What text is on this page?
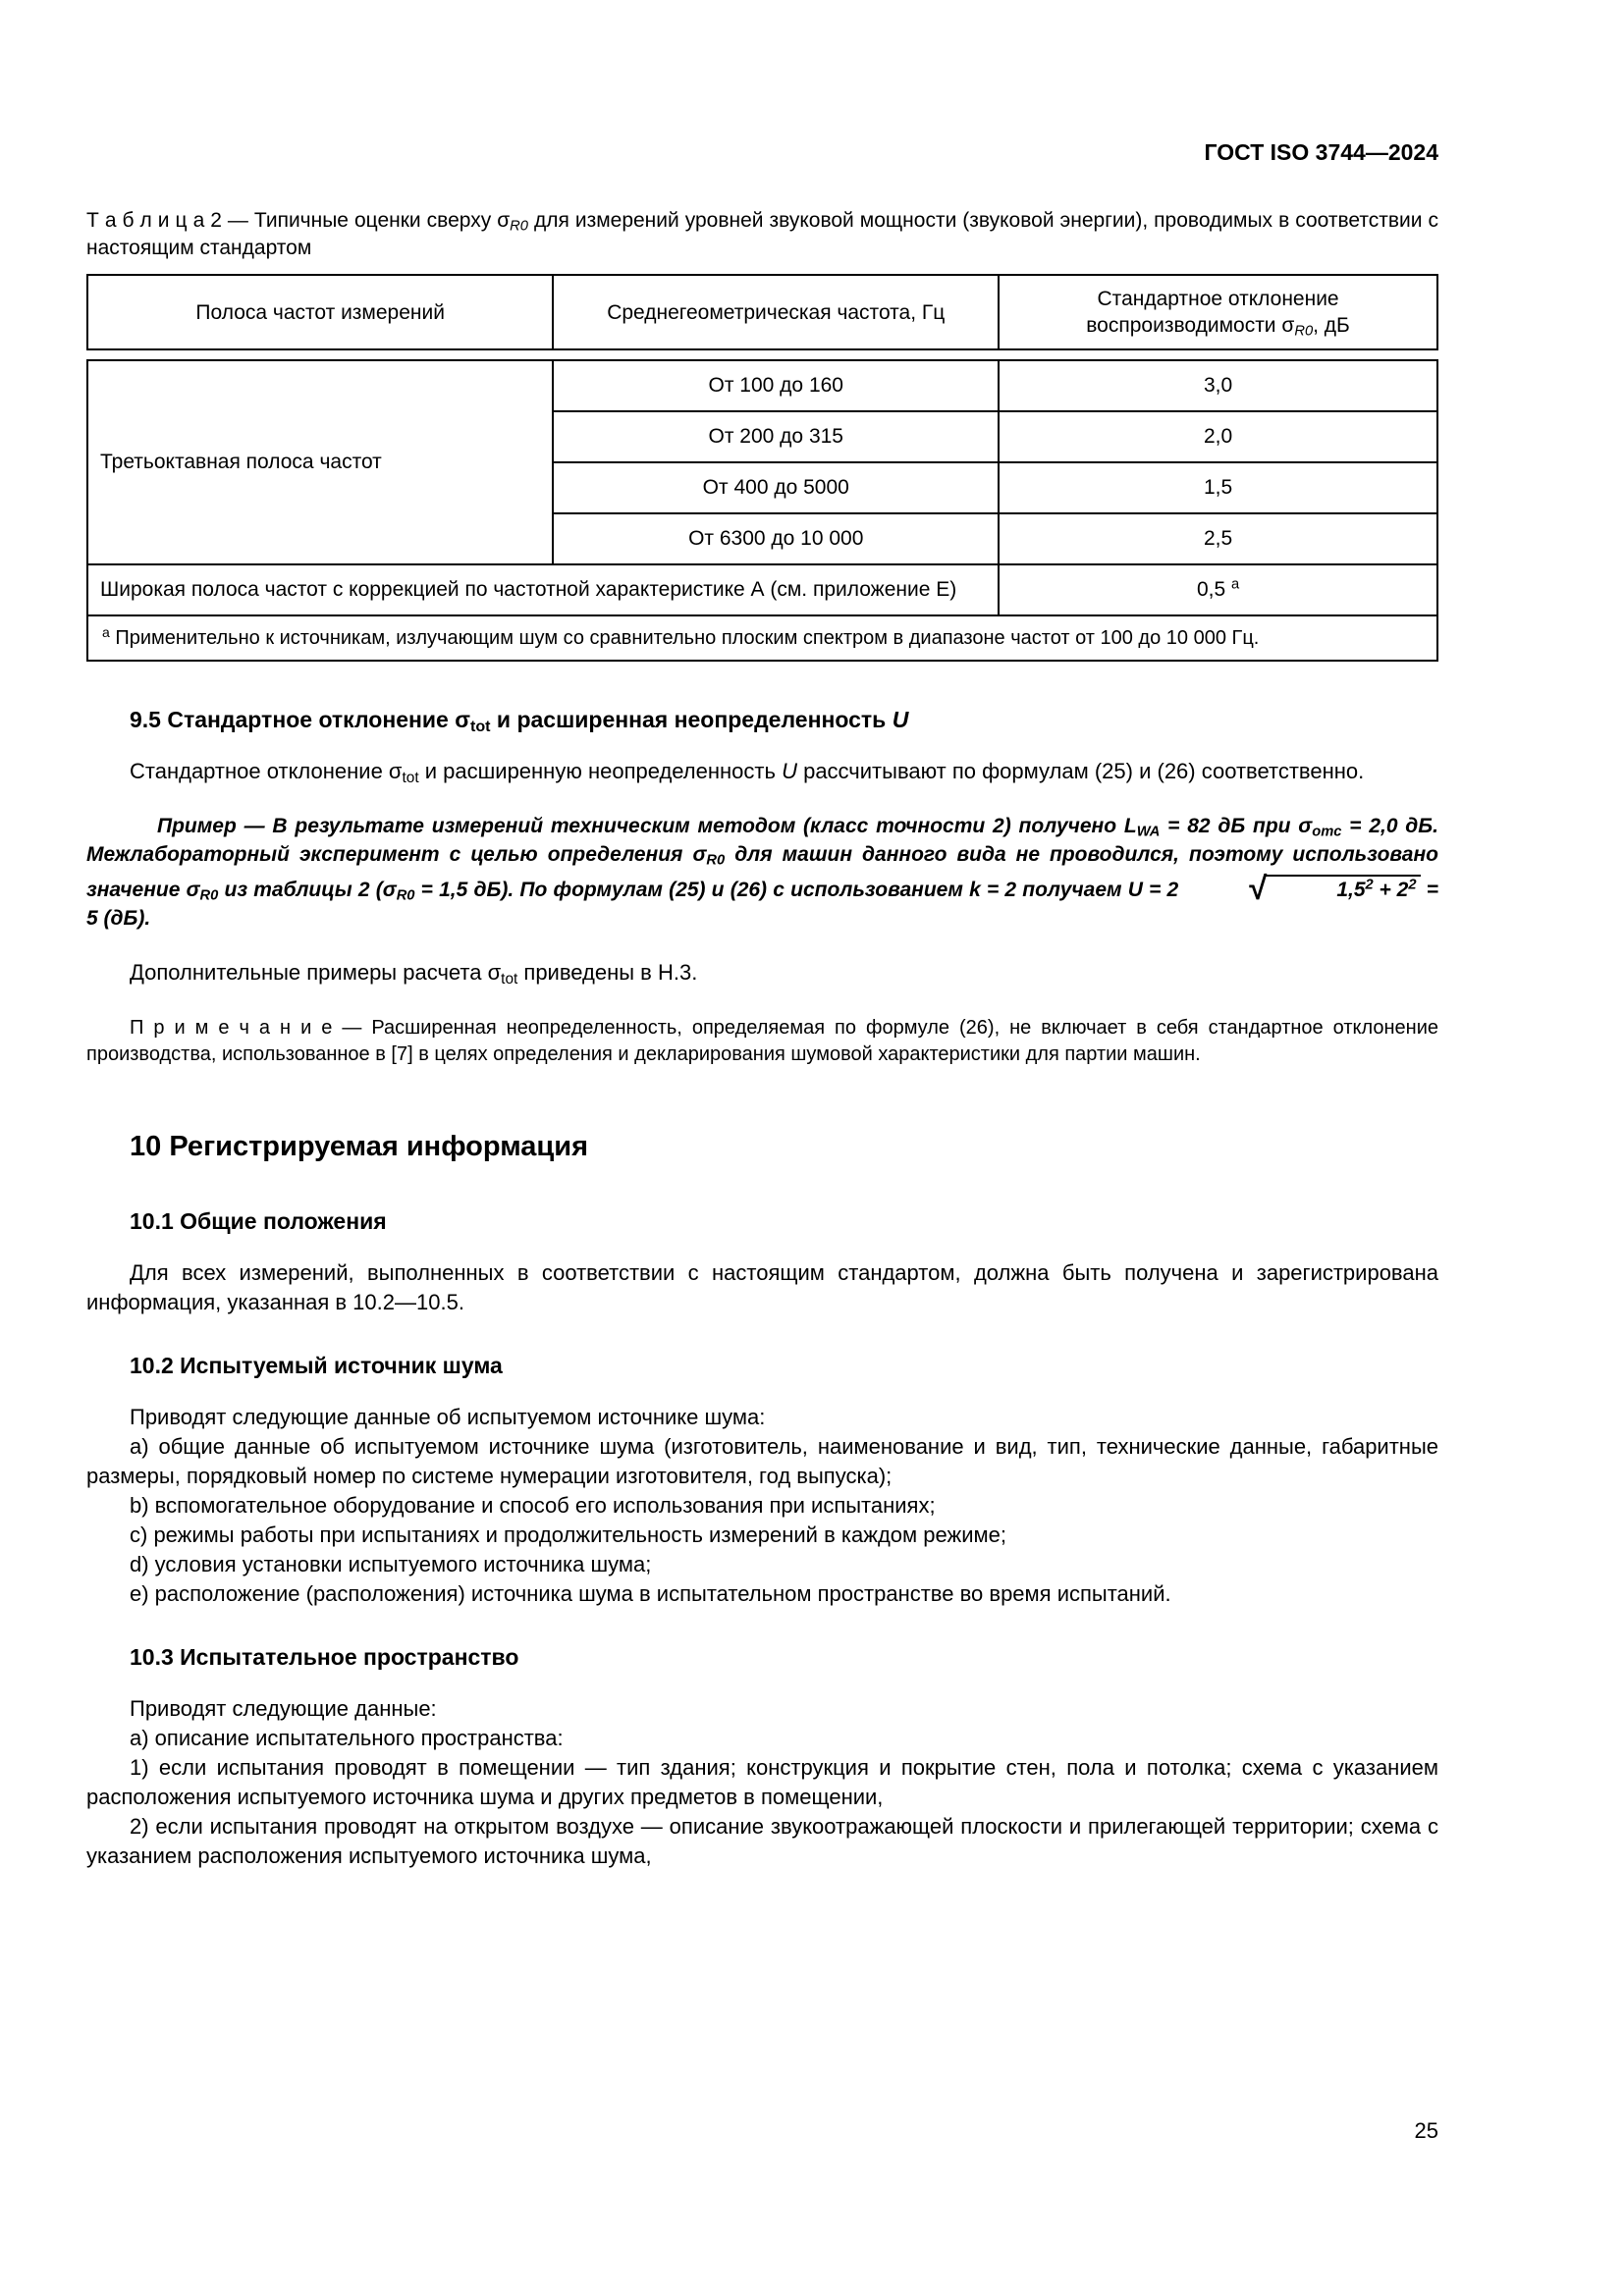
ГОСТ ISO 3744—2024

Т а б л и ц а 2 — Типичные оценки сверху $\sigma_{R0}$ для измерений уровней звуковой мощности (звуковой энергии), проводимых в соответствии с настоящим стандартом

Полоса частот измерений	Среднегеометрическая частота, Гц	Стандартное отклонение воспроизводимости $\sigma_{R0}$, дБ
Третьоктавная полоса частот	От 100 до 160	3,0
	От 200 до 315	2,0
	От 400 до 5000	1,5
	От 6300 до 10 000	2,5
Широкая полоса частот с коррекцией по частотной характеристике А (см. приложение Е)		0,5 $^a$
$^a$ Применительно к источникам, излучающим шум со сравнительно плоским спектром в диапазоне частот от 100 до 10 000 Гц.		
9.5 Стандартное отклонение $\sigma_{tot}$ и расширенная неопределенность U

Стандартное отклонение $\sigma_{tot}$ и расширенную неопределенность U рассчитывают по формулам (25) и (26) соответственно.

Пример — В результате измерений техническим методом (класс точности 2) получено $L_{WA} = 82$ дБ при $\sigma_{omc} = 2,0$ дБ. Межлабораторный эксперимент с целью определения $\sigma_{R0}$ для машин данного вида не проводился, поэтому использовано значение $\sigma_{R0}$ из таблицы 2 ($\sigma_{R0} = 1,5$ дБ). По формулам (25) и (26) с использованием k = 2 получаем U = 2 √	$1,5^2 + 2^2 = 5$ (дБ).

Дополнительные примеры расчета $\sigma_{tot}$ приведены в Н.3.

П р и м е ч а н и е — Расширенная неопределенность, определяемая по формуле (26), не включает в себя стандартное отклонение производства, использованное в [7] в целях определения и декларирования шумовой характеристики для партии машин.

10 Регистрируемая информация
10.1 Общие положения

Для всех измерений, выполненных в соответствии с настоящим стандартом, должна быть получена и зарегистрирована информация, указанная в 10.2—10.5.

10.2 Испытуемый источник шума

Приводят следующие данные об испытуемом источнике шума:

a) общие данные об испытуемом источнике шума (изготовитель, наименование и вид, тип, технические данные, габаритные размеры, порядковый номер по системе нумерации изготовителя, год выпуска);

b) вспомогательное оборудование и способ его использования при испытаниях;

c) режимы работы при испытаниях и продолжительность измерений в каждом режиме;

d) условия установки испытуемого источника шума;

e) расположение (расположения) источника шума в испытательном пространстве во время испытаний.

10.3 Испытательное пространство

Приводят следующие данные:

a) описание испытательного пространства:

1) если испытания проводят в помещении — тип здания; конструкция и покрытие стен, пола и потолка; схема с указанием расположения испытуемого источника шума и других предметов в помещении,

2) если испытания проводят на открытом воздухе — описание звукоотражающей плоскости и прилегающей территории; схема с указанием расположения испытуемого источника шума,

25
